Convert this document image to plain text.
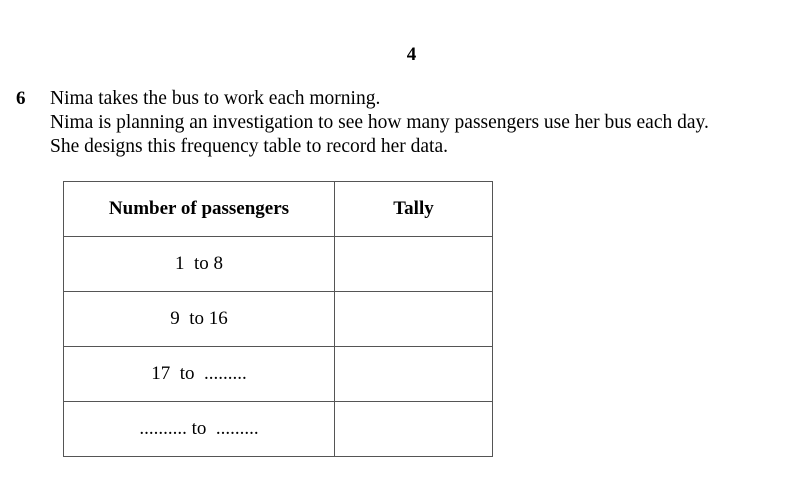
4
6 Nima takes the bus to work each morning.
Nima is planning an investigation to see how many passengers use her bus each day.
She designs this frequency table to record her data.
Number of passengers	Tally
1  to 8	
9  to 16	
17  to  .........	
.......... to  .........	
